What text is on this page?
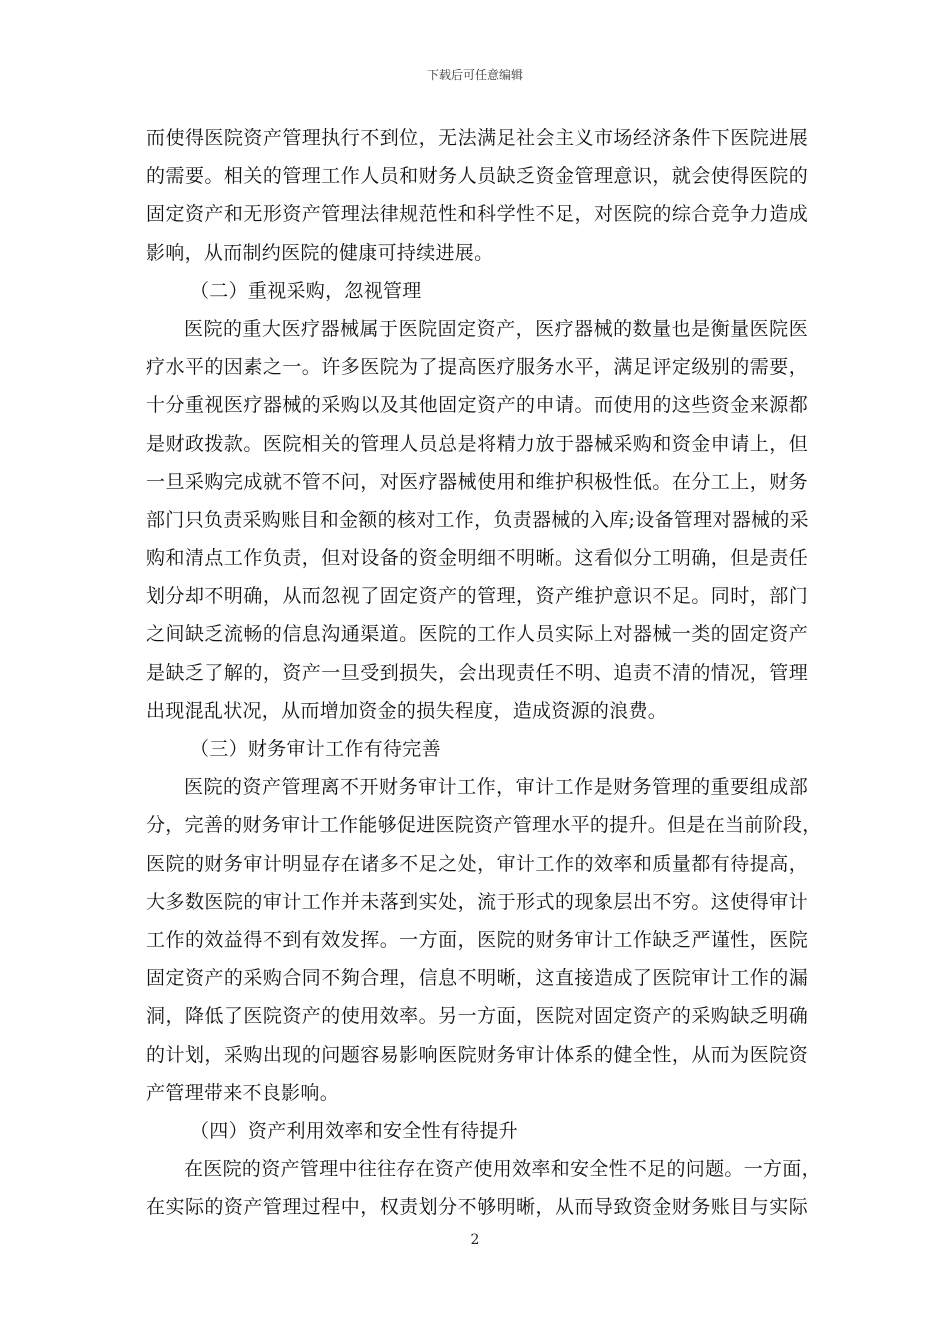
下载后可任意编辑
而使得医院资产管理执行不到位，无法满足社会主义市场经济条件下医院进展
的需要。相关的管理工作人员和财务人员缺乏资金管理意识，就会使得医院的
固定资产和无形资产管理法律规范性和科学性不足，对医院的综合竞争力造成
影响，从而制约医院的健康可持续进展。
（二）重视采购，忽视管理
医院的重大医疗器械属于医院固定资产，医疗器械的数量也是衡量医院医
疗水平的因素之一。许多医院为了提高医疗服务水平，满足评定级别的需要，
十分重视医疗器械的采购以及其他固定资产的申请。而使用的这些资金来源都
是财政拨款。医院相关的管理人员总是将精力放于器械采购和资金申请上，但
一旦采购完成就不管不问，对医疗器械使用和维护积极性低。在分工上，财务
部门只负责采购账目和金额的核对工作，负责器械的入库;设备管理对器械的采
购和清点工作负责，但对设备的资金明细不明晰。这看似分工明确，但是责任
划分却不明确，从而忽视了固定资产的管理，资产维护意识不足。同时，部门
之间缺乏流畅的信息沟通渠道。医院的工作人员实际上对器械一类的固定资产
是缺乏了解的，资产一旦受到损失，会出现责任不明、追责不清的情况，管理
出现混乱状况，从而增加资金的损失程度，造成资源的浪费。
（三）财务审计工作有待完善
医院的资产管理离不开财务审计工作，审计工作是财务管理的重要组成部
分，完善的财务审计工作能够促进医院资产管理水平的提升。但是在当前阶段，
医院的财务审计明显存在诸多不足之处，审计工作的效率和质量都有待提高，
大多数医院的审计工作并未落到实处，流于形式的现象层出不穷。这使得审计
工作的效益得不到有效发挥。一方面，医院的财务审计工作缺乏严谨性，医院
固定资产的采购合同不夠合理，信息不明晰，这直接造成了医院审计工作的漏
洞，降低了医院资产的使用效率。另一方面，医院对固定资产的采购缺乏明确
的计划，采购出现的问题容易影响医院财务审计体系的健全性，从而为医院资
产管理带来不良影响。
（四）资产利用效率和安全性有待提升
在医院的资产管理中往往存在资产使用效率和安全性不足的问题。一方面，
在实际的资产管理过程中，权责划分不够明晰，从而导致资金财务账目与实际
2
